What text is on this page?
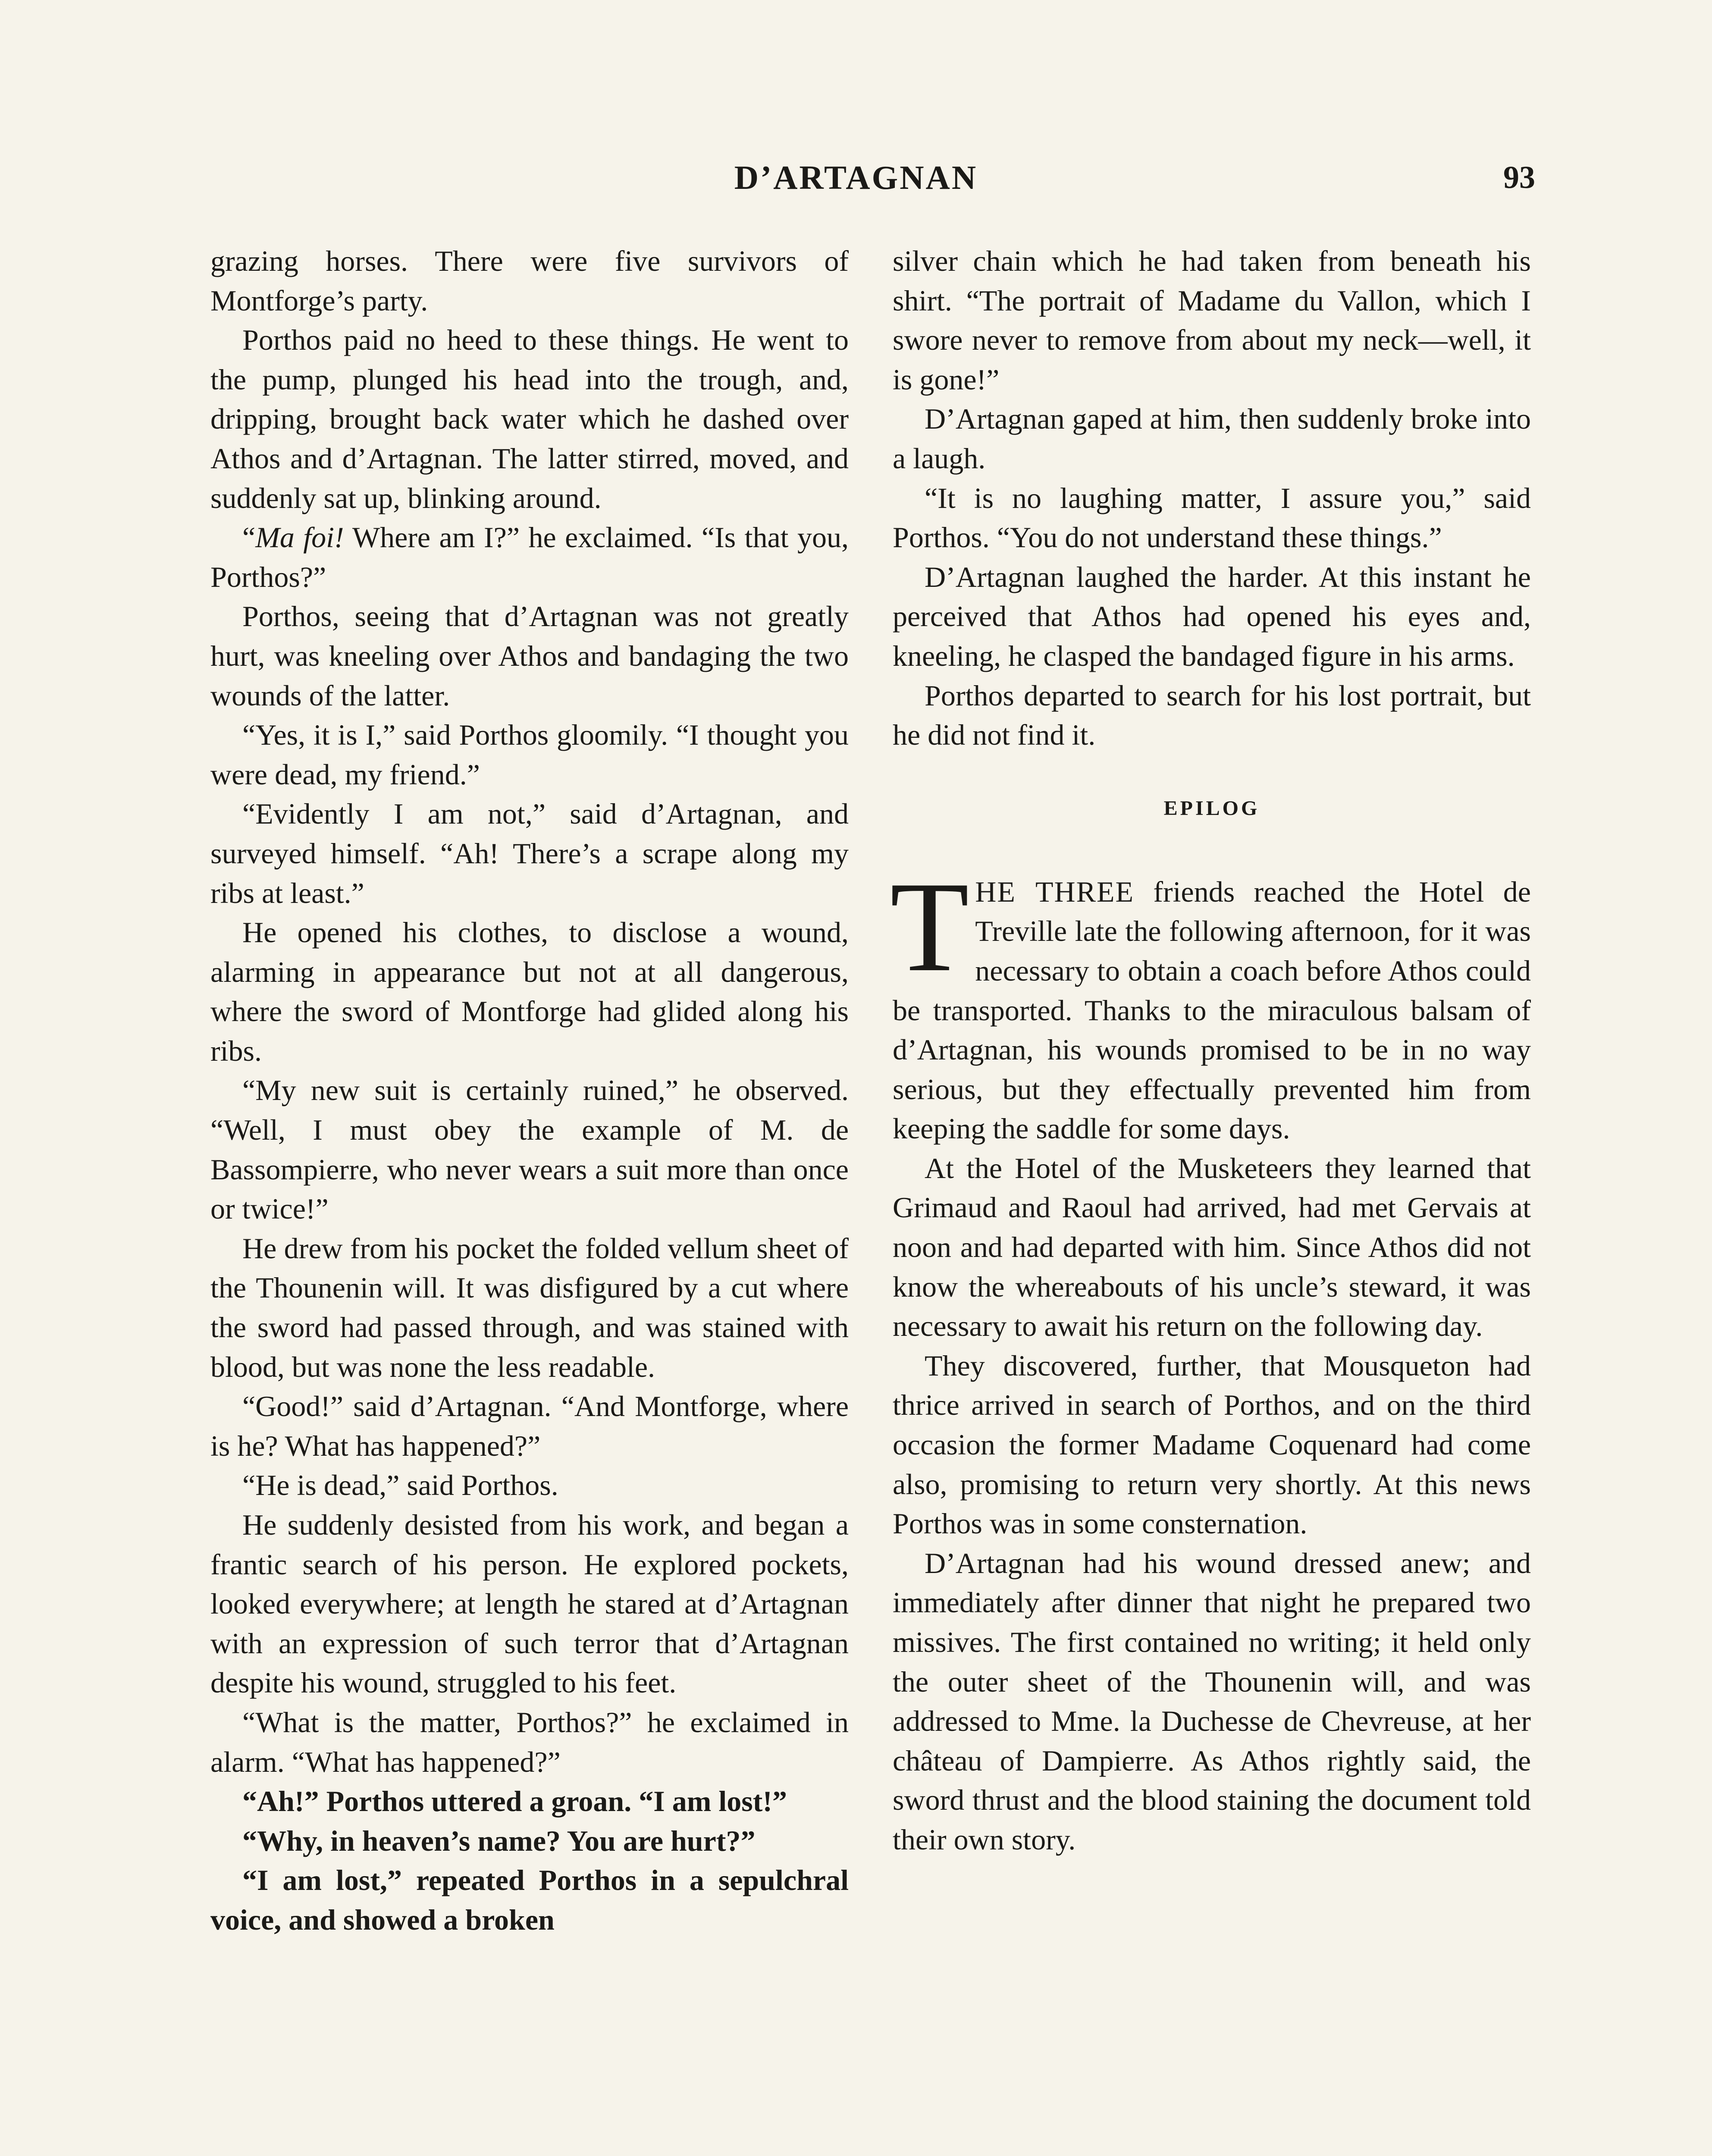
D’ARTAGNAN	93

grazing horses. There were five survivors of Montforge’s party.

Porthos paid no heed to these things. He went to the pump, plunged his head into the trough, and, dripping, brought back water which he dashed over Athos and d’Artagnan. The latter stirred, moved, and suddenly sat up, blinking around.

“Ma foi! Where am I?” he exclaimed. “Is that you, Porthos?”

Porthos, seeing that d’Artagnan was not greatly hurt, was kneeling over Athos and bandaging the two wounds of the latter.

“Yes, it is I,” said Porthos gloomily. “I thought you were dead, my friend.”

“Evidently I am not,” said d’Artagnan, and surveyed himself. “Ah! There’s a scrape along my ribs at least.”

He opened his clothes, to disclose a wound, alarming in appearance but not at all dangerous, where the sword of Montforge had glided along his ribs.

“My new suit is certainly ruined,” he observed. “Well, I must obey the example of M. de Bassompierre, who never wears a suit more than once or twice!”

He drew from his pocket the folded vellum sheet of the Thounenin will. It was disfigured by a cut where the sword had passed through, and was stained with blood, but was none the less readable.

“Good!” said d’Artagnan. “And Montforge, where is he? What has happened?”

“He is dead,” said Porthos.

He suddenly desisted from his work, and began a frantic search of his person. He explored pockets, looked everywhere; at length he stared at d’Artagnan with an expression of such terror that d’Artagnan despite his wound, struggled to his feet.

“What is the matter, Porthos?” he exclaimed in alarm. “What has happened?”

“Ah!” Porthos uttered a groan. “I am lost!”

“Why, in heaven’s name? You are hurt?”

“I am lost,” repeated Porthos in a sepulchral voice, and showed a broken

silver chain which he had taken from beneath his shirt. “The portrait of Madame du Vallon, which I swore never to remove from about my neck—well, it is gone!”

D’Artagnan gaped at him, then suddenly broke into a laugh.

“It is no laughing matter, I assure you,” said Porthos. “You do not understand these things.”

D’Artagnan laughed the harder. At this instant he perceived that Athos had opened his eyes and, kneeling, he clasped the bandaged figure in his arms.

Porthos departed to search for his lost portrait, but he did not find it.

EPILOG

THE THREE friends reached the Hotel de Treville late the following afternoon, for it was necessary to obtain a coach before Athos could be transported. Thanks to the miraculous balsam of d’Artagnan, his wounds promised to be in no way serious, but they effectually prevented him from keeping the saddle for some days.

At the Hotel of the Musketeers they learned that Grimaud and Raoul had arrived, had met Gervais at noon and had departed with him. Since Athos did not know the whereabouts of his uncle’s steward, it was necessary to await his return on the following day.

They discovered, further, that Mousqueton had thrice arrived in search of Porthos, and on the third occasion the former Madame Coquenard had come also, promising to return very shortly. At this news Porthos was in some consternation.

D’Artagnan had his wound dressed anew; and immediately after dinner that night he prepared two missives. The first contained no writing; it held only the outer sheet of the Thounenin will, and was addressed to Mme. la Duchesse de Chevreuse, at her château of Dampierre. As Athos rightly said, the sword thrust and the blood staining the document told their own story.
